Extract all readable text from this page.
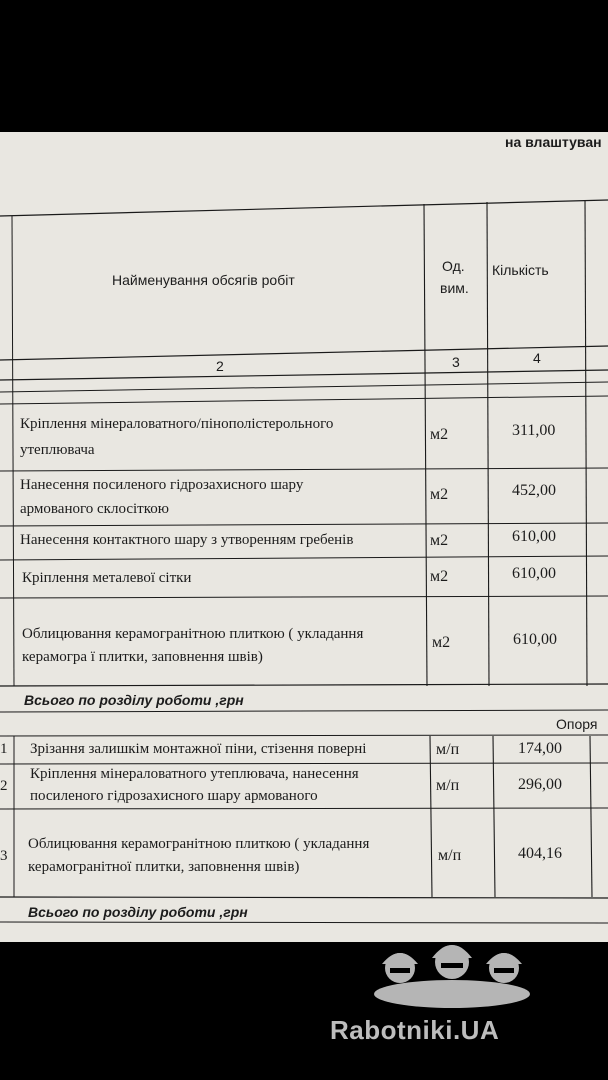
на влаштуван
Найменування обсягів робіт
Од.
вим.
Кількість
2	3	4
Кріплення мінераловатного/пінополістерольного
утеплювача
м2	311,00
Нанесення посиленого гідрозахисного шару
армованого склосіткою
м2	452,00
Нанесення контактного шару з утворенням гребенів	м2	610,00
Кріплення металевої сітки	м2	610,00
Облицювання керамогранітною плиткою ( укладання
керамогра ї плитки, заповнення швів)
м2	610,00
Всього по розділу роботи ,грн
Опоря
1 Зрізання залишкім монтажної піни, стізення поверні	м/п	174,00
2
Кріплення мінераловатного утеплювача, нанесення
посиленого гідрозахисного шару армованого
м/п	296,00
3
Облицювання керамогранітною плиткою ( укладання
керамогранітної плитки, заповнення швів)
м/п	404,16
Всього по розділу роботи ,грн
Rabotniki.UA
